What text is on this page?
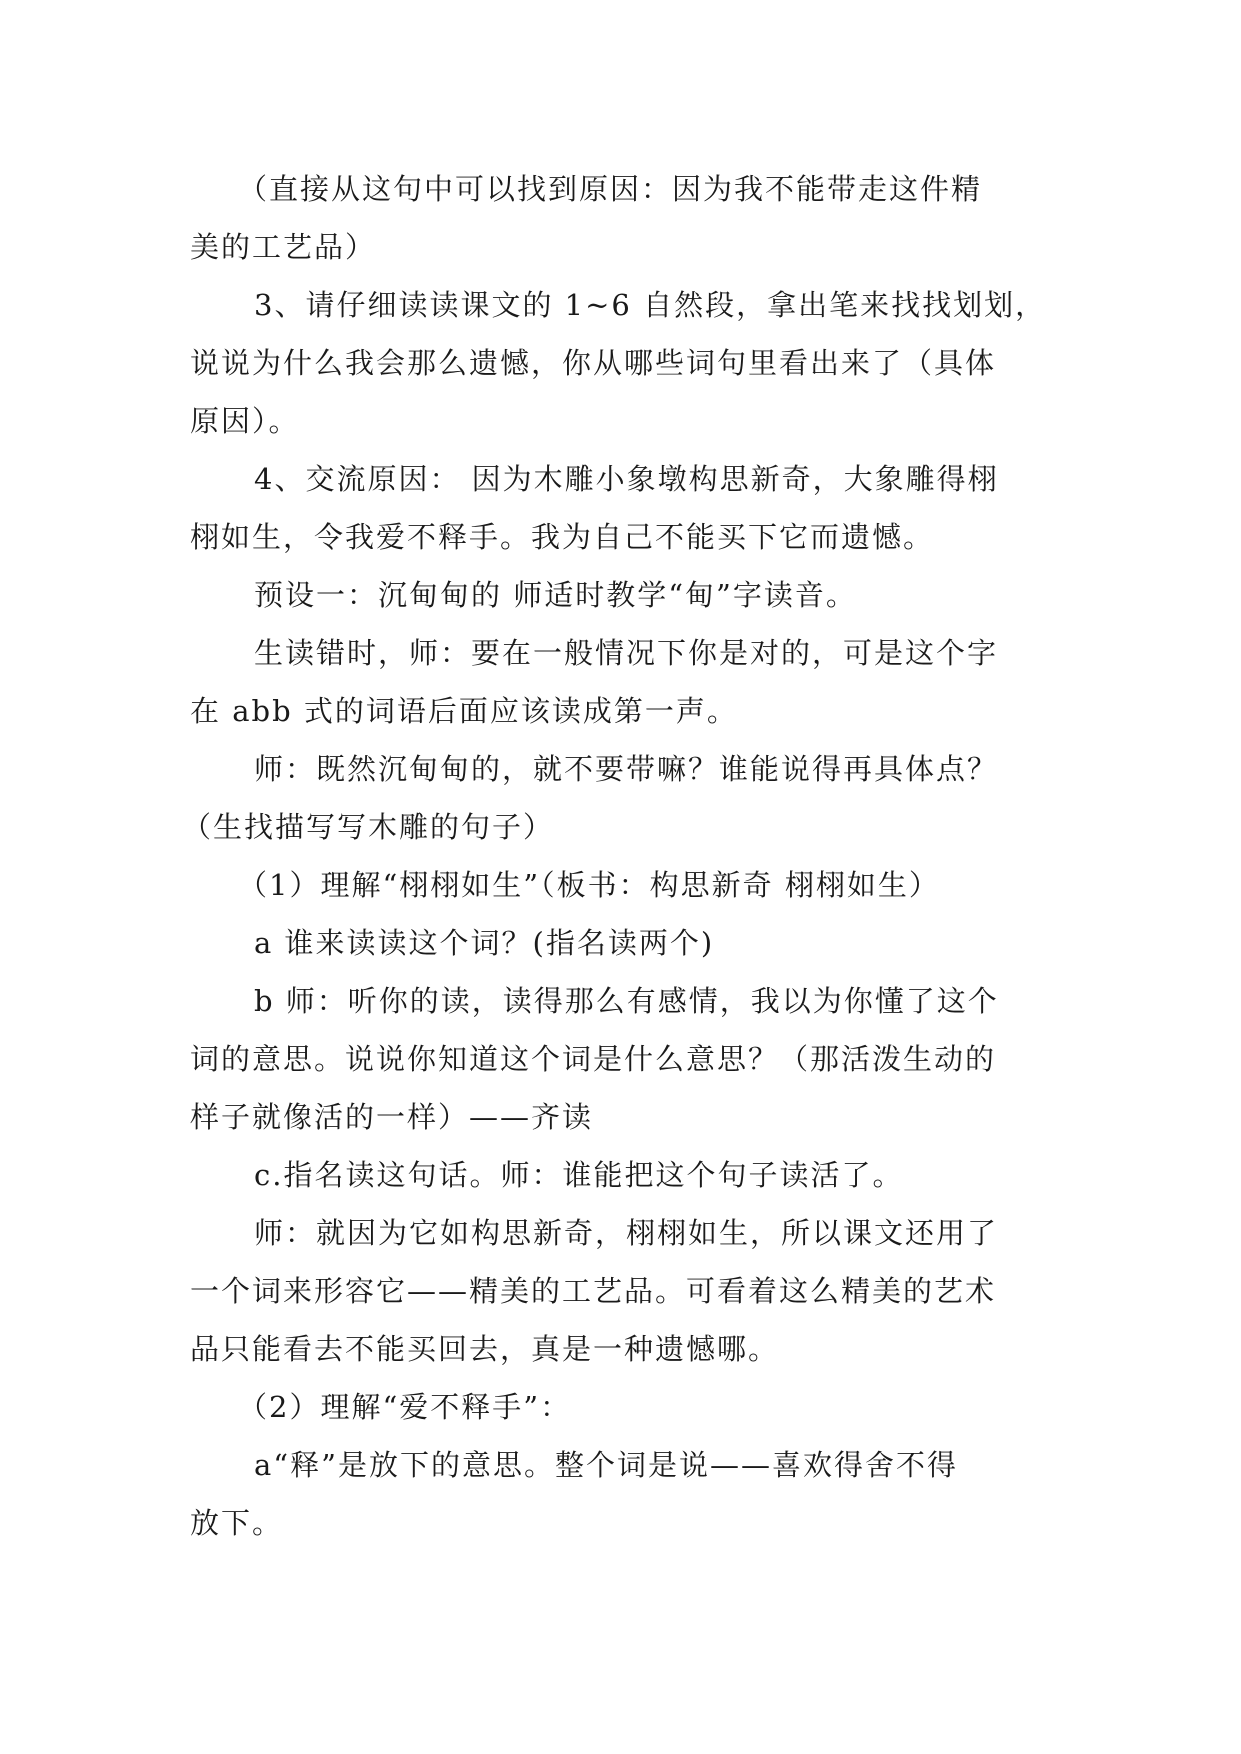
（直接从这句中可以找到原因：因为我不能带走这件精
美的工艺品）
3、请仔细读读课文的 1~6 自然段，拿出笔来找找划划，
说说为什么我会那么遗憾，你从哪些词句里看出来了（具体
原因）。
4、交流原因： 因为木雕小象墩构思新奇，大象雕得栩
栩如生，令我爱不释手。我为自己不能买下它而遗憾。
预设一：沉甸甸的 师适时教学“甸”字读音。
生读错时，师：要在一般情况下你是对的，可是这个字
在 abb 式的词语后面应该读成第一声。
师：既然沉甸甸的，就不要带嘛？谁能说得再具体点？
（生找描写写木雕的句子）
（1）理解“栩栩如生”（板书：构思新奇 栩栩如生）
a 谁来读读这个词？(指名读两个)
b 师：听你的读，读得那么有感情，我以为你懂了这个
词的意思。说说你知道这个词是什么意思？（那活泼生动的
样子就像活的一样）——齐读
c.指名读这句话。师：谁能把这个句子读活了。
师：就因为它如构思新奇，栩栩如生，所以课文还用了
一个词来形容它——精美的工艺品。可看着这么精美的艺术
品只能看去不能买回去，真是一种遗憾哪。
（2）理解“爱不释手”：
a“释”是放下的意思。整个词是说——喜欢得舍不得
放下。
